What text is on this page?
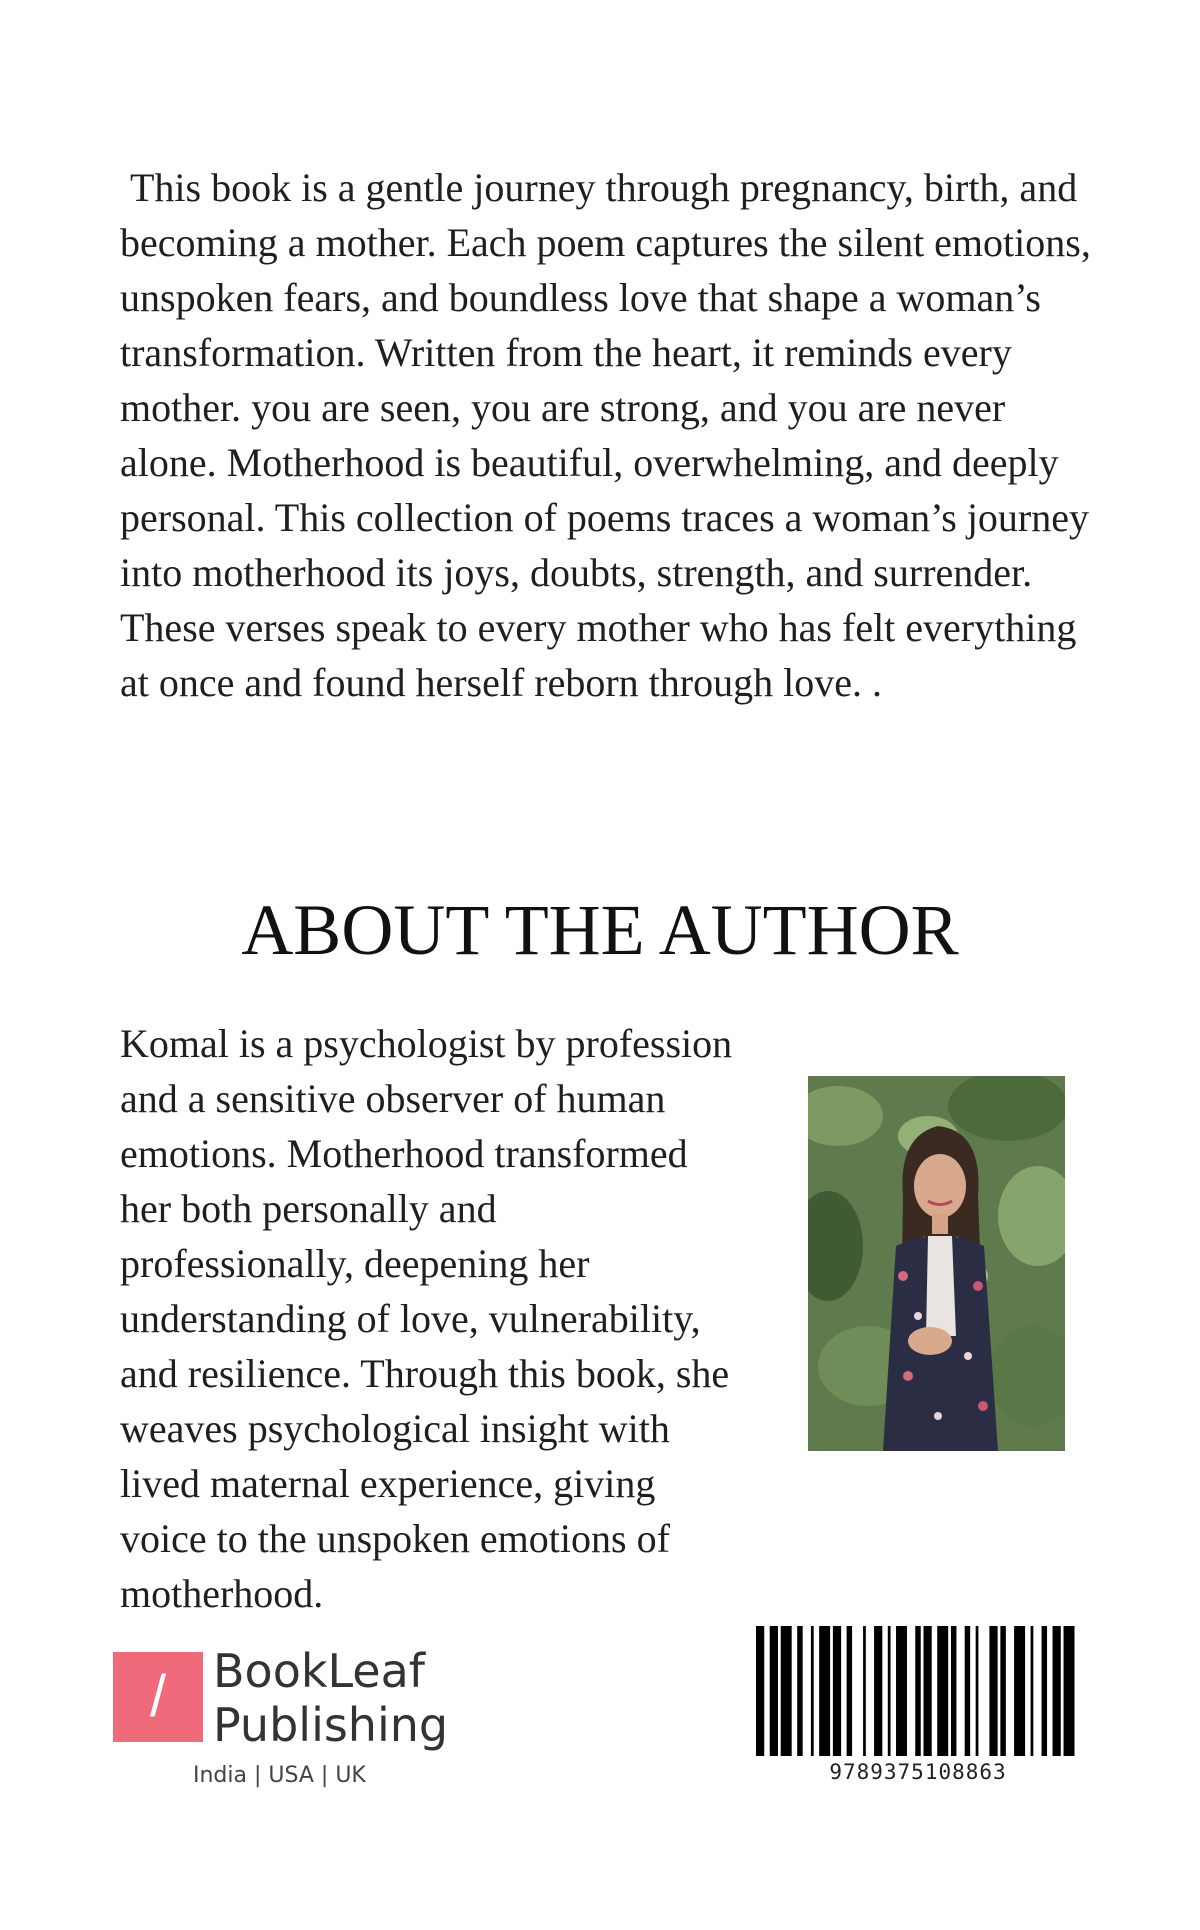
This book is a gentle journey through pregnancy, birth, and becoming a mother. Each poem captures the silent emotions, unspoken fears, and boundless love that shape a woman’s transformation. Written from the heart, it reminds every mother. you are seen, you are strong, and you are never alone. Motherhood is beautiful, overwhelming, and deeply personal. This collection of poems traces a woman’s journey into motherhood its joys, doubts, strength, and surrender. These verses speak to every mother who has felt everything at once and found herself reborn through love. .

ABOUT THE AUTHOR

Komal is a psychologist by profession and a sensitive observer of human emotions. Motherhood transformed her both personally and professionally, deepening her understanding of love, vulnerability, and resilience. Through this book, she weaves psychological insight with lived maternal experience, giving voice to the unspoken emotions of motherhood.

/	BookLeaf
Publishing
India | USA | UK	9789375108863
